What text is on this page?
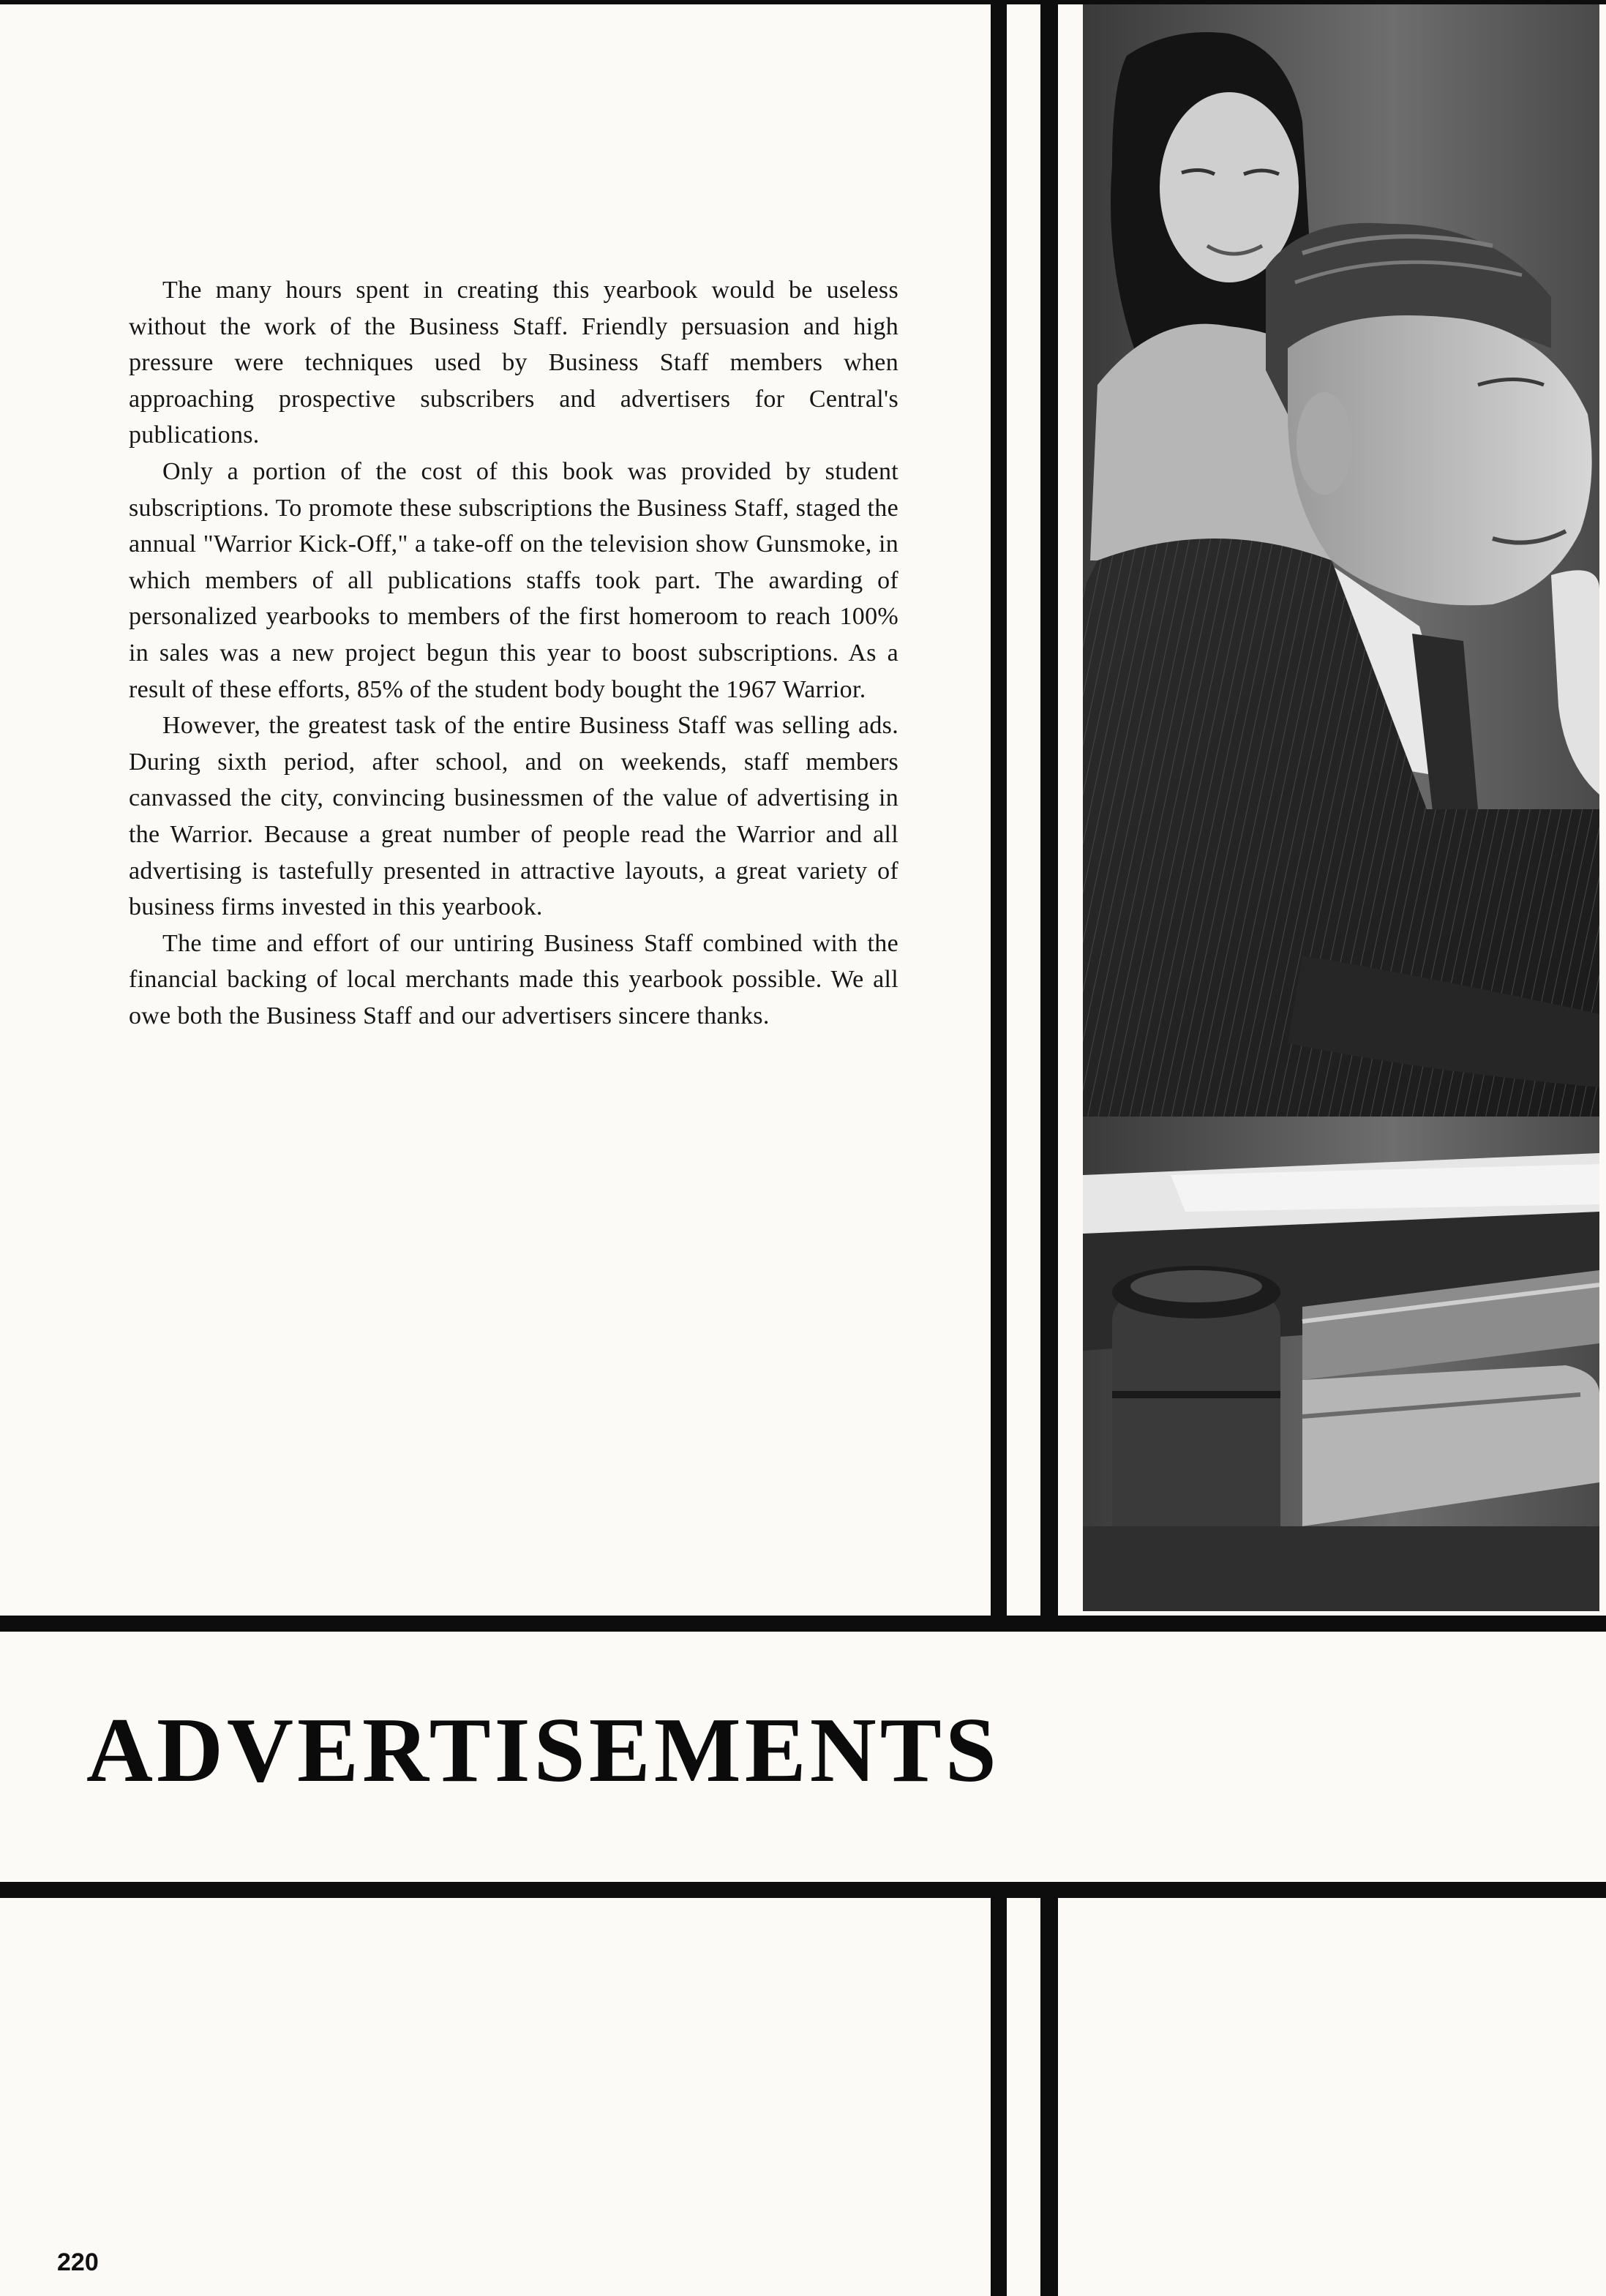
The many hours spent in creating this yearbook would be useless without the work of the Business Staff. Friendly persuasion and high pressure were techniques used by Business Staff members when approaching prospective subscribers and advertisers for Central's publications.

Only a portion of the cost of this book was provided by student subscriptions. To promote these subscriptions the Business Staff, staged the annual "Warrior Kick-Off," a take-off on the television show Gunsmoke, in which members of all publications staffs took part. The awarding of personalized yearbooks to members of the first homeroom to reach 100% in sales was a new project begun this year to boost subscriptions. As a result of these efforts, 85% of the student body bought the 1967 Warrior.

However, the greatest task of the entire Business Staff was selling ads. During sixth period, after school, and on weekends, staff members canvassed the city, convincing businessmen of the value of advertising in the Warrior. Because a great number of people read the Warrior and all advertising is tastefully presented in attractive layouts, a great variety of business firms invested in this yearbook.

The time and effort of our untiring Business Staff combined with the financial backing of local merchants made this yearbook possible. We all owe both the Business Staff and our advertisers sincere thanks.

ADVERTISEMENTS
220
